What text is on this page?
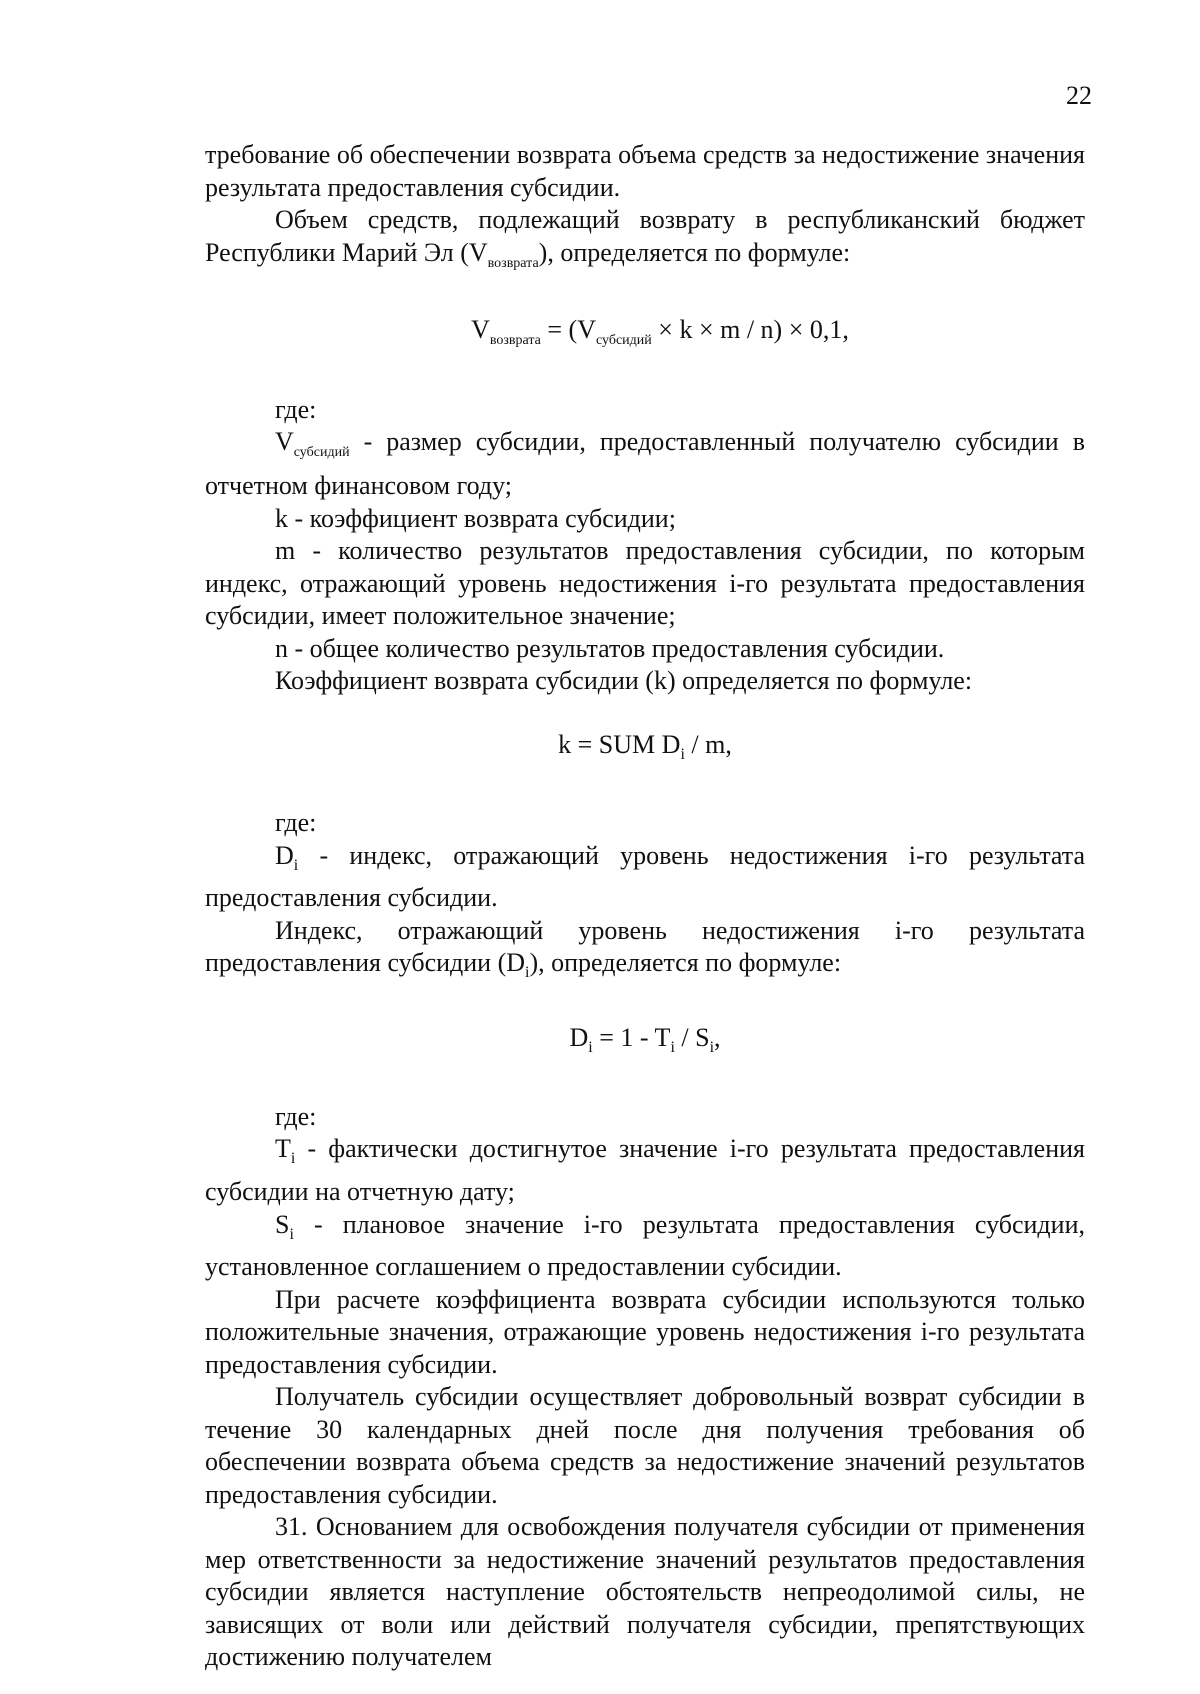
22

требование об обеспечении возврата объема средств за недостижение значения результата предоставления субсидии.

Объем средств, подлежащий возврату в республиканский бюджет Республики Марий Эл $(V_{возврата})$, определяется по формуле:

$V_{возврата} = (V_{субсидий} \times k \times m / n) \times 0,1$,

где:

$V_{субсидий}$ - размер субсидии, предоставленный получателю субсидии в отчетном финансовом году;

k - коэффициент возврата субсидии;

m - количество результатов предоставления субсидии, по которым индекс, отражающий уровень недостижения i-го результата предоставления субсидии, имеет положительное значение;

n - общее количество результатов предоставления субсидии.

Коэффициент возврата субсидии (k) определяется по формуле:

k = SUM $D_i$ / m,

где:

$D_i$ - индекс, отражающий уровень недостижения i-го результата предоставления субсидии.

Индекс, отражающий уровень недостижения i-го результата предоставления субсидии $(D_i)$, определяется по формуле:

$D_i = 1 - T_i / S_i$,

где:

$T_i$ - фактически достигнутое значение i-го результата предоставления субсидии на отчетную дату;

$S_i$ - плановое значение i-го результата предоставления субсидии, установленное соглашением о предоставлении субсидии.

При расчете коэффициента возврата субсидии используются только положительные значения, отражающие уровень недостижения i-го результата предоставления субсидии.

Получатель субсидии осуществляет добровольный возврат субсидии в течение 30 календарных дней после дня получения требования об обеспечении возврата объема средств за недостижение значений результатов предоставления субсидии.

31. Основанием для освобождения получателя субсидии от применения мер ответственности за недостижение значений результатов предоставления субсидии является наступление обстоятельств непреодолимой силы, не зависящих от воли или действий получателя субсидии, препятствующих достижению получателем
